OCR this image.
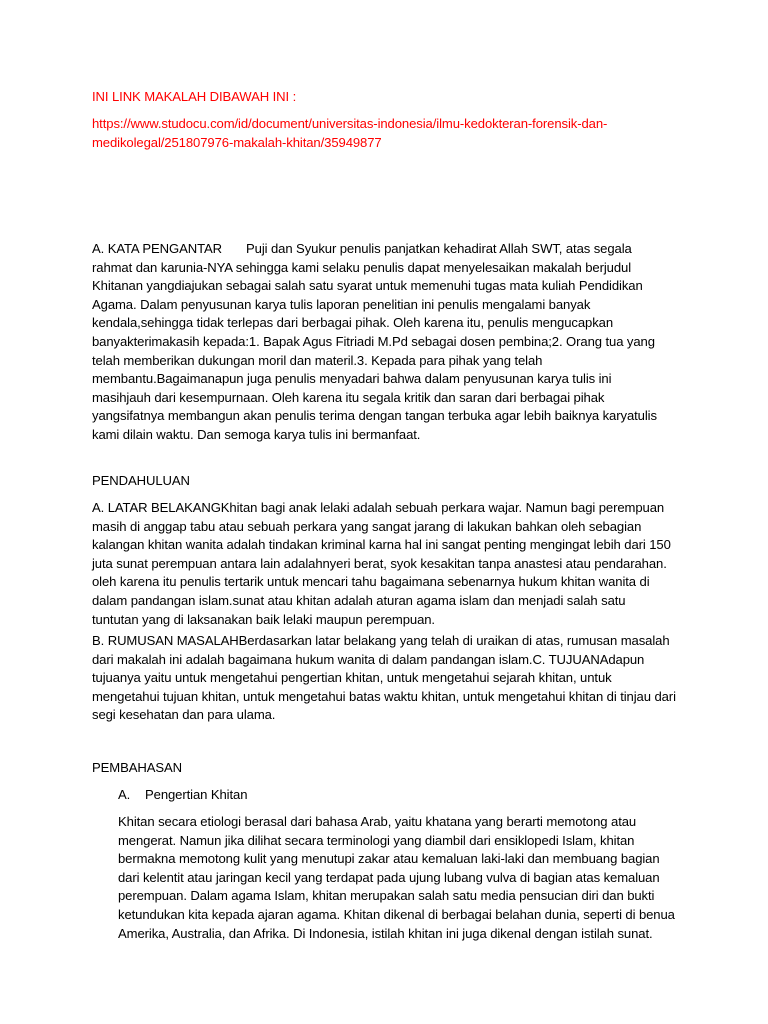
INI LINK MAKALAH DIBAWAH INI :

https://www.studocu.com/id/document/universitas-indonesia/ilmu-kedokteran-forensik-dan-medikolegal/251807976-makalah-khitan/35949877

A. KATA PENGANTAR Puji dan Syukur penulis panjatkan kehadirat Allah SWT, atas segala rahmat dan karunia-NYA sehingga kami selaku penulis dapat menyelesaikan makalah berjudul Khitanan yangdiajukan sebagai salah satu syarat untuk memenuhi tugas mata kuliah Pendidikan Agama. Dalam penyusunan karya tulis laporan penelitian ini penulis mengalami banyak kendala,sehingga tidak terlepas dari berbagai pihak. Oleh karena itu, penulis mengucapkan banyakterimakasih kepada:1. Bapak Agus Fitriadi M.Pd sebagai dosen pembina;2. Orang tua yang telah memberikan dukungan moril dan materil.3. Kepada para pihak yang telah membantu.Bagaimanapun juga penulis menyadari bahwa dalam penyusunan karya tulis ini masihjauh dari kesempurnaan. Oleh karena itu segala kritik dan saran dari berbagai pihak yangsifatnya membangun akan penulis terima dengan tangan terbuka agar lebih baiknya karyatulis kami dilain waktu. Dan semoga karya tulis ini bermanfaat.

PENDAHULUAN

A. LATAR BELAKANGKhitan bagi anak lelaki adalah sebuah perkara wajar. Namun bagi perempuan masih di anggap tabu atau sebuah perkara yang sangat jarang di lakukan bahkan oleh sebagian kalangan khitan wanita adalah tindakan kriminal karna hal ini sangat penting mengingat lebih dari 150 juta sunat perempuan antara lain adalahnyeri berat, syok kesakitan tanpa anastesi atau pendarahan. oleh karena itu penulis tertarik untuk mencari tahu bagaimana sebenarnya hukum khitan wanita di dalam pandangan islam.sunat atau khitan adalah aturan agama islam dan menjadi salah satu tuntutan yang di laksanakan baik lelaki maupun perempuan.

B. RUMUSAN MASALAHBerdasarkan latar belakang yang telah di uraikan di atas, rumusan masalah dari makalah ini adalah bagaimana hukum wanita di dalam pandangan islam.C. TUJUANAdapun tujuanya yaitu untuk mengetahui pengertian khitan, untuk mengetahui sejarah khitan, untuk mengetahui tujuan khitan, untuk mengetahui batas waktu khitan, untuk mengetahui khitan di tinjau dari segi kesehatan dan para ulama.

PEMBAHASAN

A. Pengertian Khitan

Khitan secara etiologi berasal dari bahasa Arab, yaitu khatana yang berarti memotong atau mengerat. Namun jika dilihat secara terminologi yang diambil dari ensiklopedi Islam, khitan bermakna memotong kulit yang menutupi zakar atau kemaluan laki-laki dan membuang bagian dari kelentit atau jaringan kecil yang terdapat pada ujung lubang vulva di bagian atas kemaluan perempuan. Dalam agama Islam, khitan merupakan salah satu media pensucian diri dan bukti ketundukan kita kepada ajaran agama. Khitan dikenal di berbagai belahan dunia, seperti di benua Amerika, Australia, dan Afrika. Di Indonesia, istilah khitan ini juga dikenal dengan istilah sunat.
